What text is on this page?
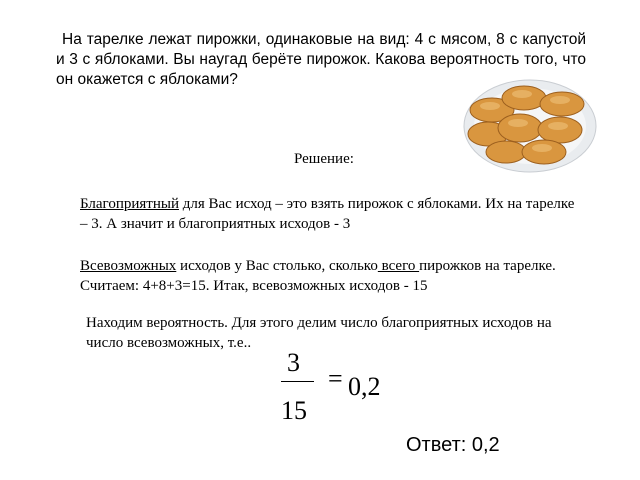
На тарелке лежат пирожки, одинаковые на вид: 4 с мясом, 8 с капустой и 3 с яблоками. Вы наугад берёте пирожок. Какова вероятность того, что он окажется с яблоками?

Решение:

Благоприятный для Вас исход – это взять пирожок с яблоками. Их на тарелке – 3. А значит и благоприятных исходов - 3

Всевозможных исходов у Вас столько, сколько всего пирожков на тарелке. Считаем: 4+8+3=15. Итак, всевозможных исходов - 15

Находим вероятность. Для этого делим число благоприятных исходов на число всевозможных, т.е..

3
15
= 0,2
Ответ: 0,2
